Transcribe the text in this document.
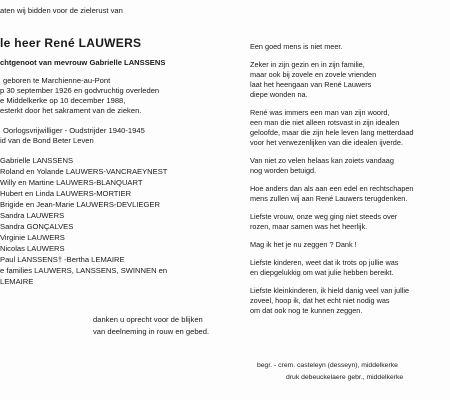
aten wij bidden voor de zielerust van
le heer René LAUWERS
chtgenoot van mevrouw Gabrielle LANSSENS
geboren te Marchienne-au-Pont
p 30 september 1926 en godvruchtig overleden
e Middelkerke op 10 december 1988,
esterkt door het sakrament van de zieken.
Oorlogsvrijwilliger - Oudstrijder 1940-1945
id van de Bond Beter Leven
Gabrielle LANSSENS
Roland en Yolande LAUWERS-VANCRAEYNEST
Willy en Martine LAUWERS-BLANQUART
Hubert en Linda LAUWERS-MORTIER
Brigide en Jean-Marie LAUWERS-DEVLIEGER
Sandra LAUWERS
Sandra GONÇALVES
Virginie LAUWERS
Nicolas LAUWERS
Paul LANSSENS† -Bertha LEMAIRE
e families LAUWERS, LANSSENS, SWINNEN en
LEMAIRE
danken u oprecht voor de blijken
van deelneming in rouw en gebed.
Een goed mens is niet meer.
Zeker in zijn gezin en in zijn familie,
maar ook bij zovele en zovele vrienden
laat het heengaan van René Lauwers
diepe wonden na.
René was immers een man van zijn woord,
een man die niet alleen rotsvast in zijn idealen
geloofde, maar die zijn hele leven lang metterdaad
voor het verwezenlijken van die idealen ijverde.
Van niet zo velen helaas kan zoiets vandaag
nog worden betuigd.
Hoe anders dan als aan een edel en rechtschapen
mens zullen wij aan René Lauwers terugdenken.
Liefste vrouw, onze weg ging niet steeds over
rozen, maar samen was het heerlijk.
Mag ik het je nu zeggen ? Dank !
Liefste kinderen, weet dat ik trots op jullie was
en diepgelukkig om wat julie hebben bereikt.
Liefste kleinkinderen, ik hield danig veel van jullie
zoveel, hoop ik, dat het echt niet nodig was
om dat ook nog te kunnen zeggen.
begr. - crem. casteleyn (desseyn), middelkerke
druk debeuckelaere gebr., middelkerke
